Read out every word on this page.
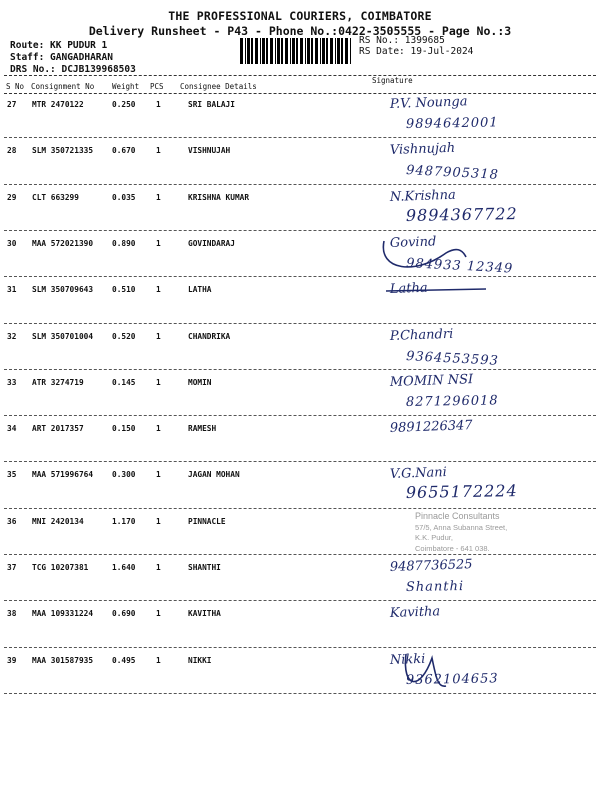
THE PROFESSIONAL COURIERS, COIMBATORE
Delivery Runsheet - P43 - Phone No.:0422-3505555 - Page No.:3
Route: KK PUDUR 1
Staff: GANGADHARAN
DRS No.: DCJB139968503
RS No.: 1399685
RS Date: 19-Jul-2024
S No Consignment No Weight PCS Consignee Details
Signature
27 MTR 2470122	0.250	1	SRI BALAJI	P.V. Nounga
9894642001
28 SLM 350721335 0.670	1	VISHNUJAH	Vishnujah
9487905318
29 CLT 663299	0.035	1	KRISHNA KUMAR	N.Krishna
9894367722
30 MAA 572021390 0.890	1	GOVINDARAJ	Govind
984933 12349
31 SLM 350709643 0.510	1	LATHA	Latha
32 SLM 350701004 0.520	1	CHANDRIKA	P.Chandri
9364553593
33 ATR 3274719	0.145	1	MOMIN	MOMIN NSI
8271296018
34 ART 2017357	0.150	1	RAMESH	9891226347
35 MAA 571996764 0.300	1	JAGAN MOHAN	V.G.Nani
9655172224
36 MNI 2420134	1.170	1	PINNACLE
37 TCG 10207381	1.640	1	SHANTHI	9487736525
Shanthi
38 MAA 109331224 0.690	1	KAVITHA	Kavitha
39 MAA 301587935 0.495	1	NIKKI	Nikki
9362104653
Pinnacle Consultants
57/5, Anna Subanna Street,
K.K. Pudur,
Coimbatore - 641 038.
